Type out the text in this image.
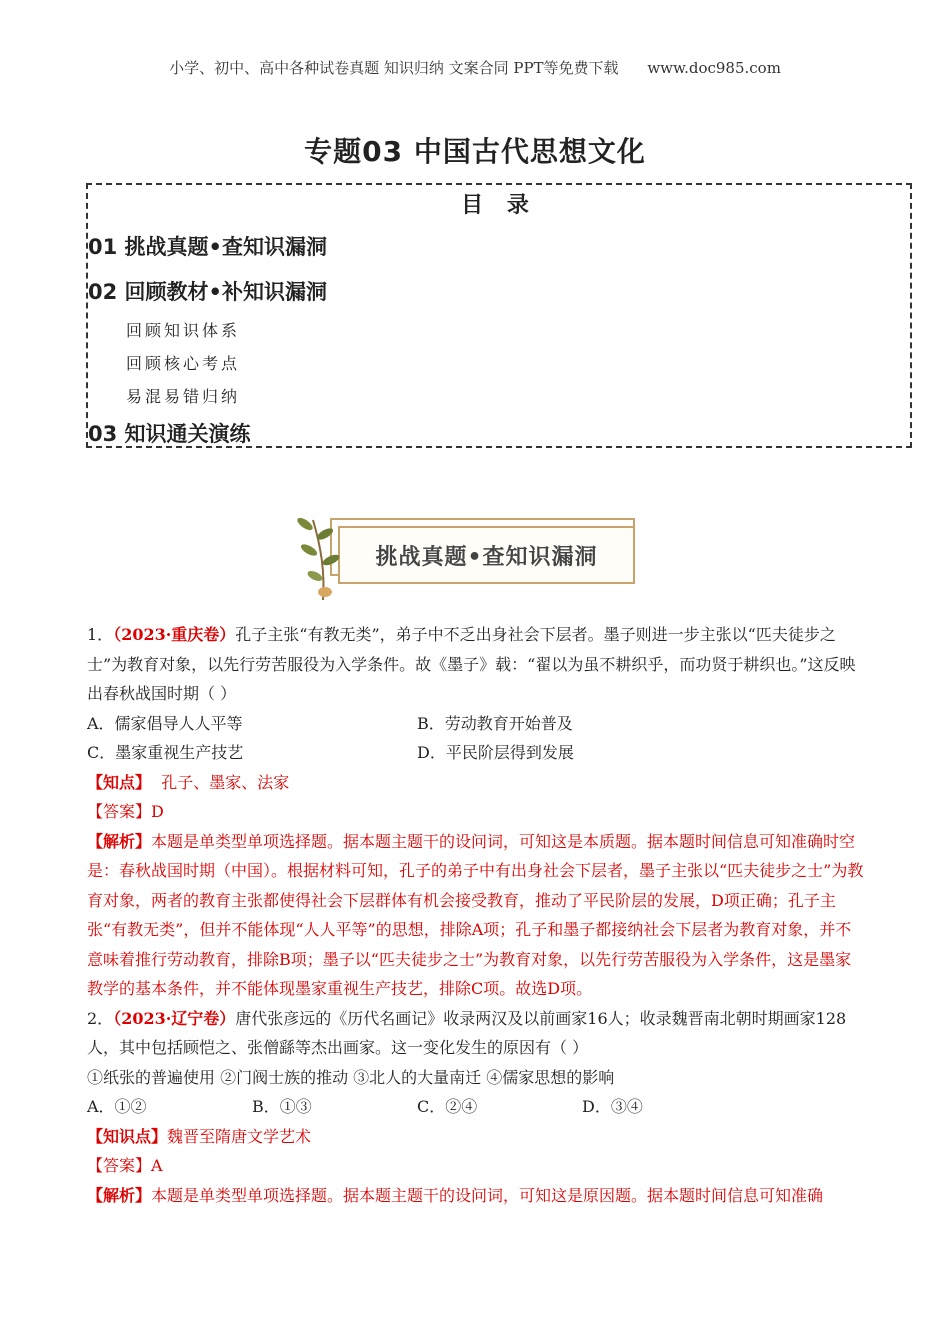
小学、初中、高中各种试卷真题 知识归纳 文案合同 PPT等免费下载 www.doc985.com
专题03 中国古代思想文化
目 录
01 挑战真题•查知识漏洞
02 回顾教材•补知识漏洞
回顾知识体系
回顾核心考点
易混易错归纳
03 知识通关演练
挑战真题•查知识漏洞

1．（2023·重庆卷）孔子主张“有教无类”，弟子中不乏出身社会下层者。墨子则进一步主张以“匹夫徒步之士”为教育对象，以先行劳苦服役为入学条件。故《墨子》载：“翟以为虽不耕织乎，而功贤于耕织也。”这反映出春秋战国时期（ ）

A．儒家倡导人人平等	B．劳动教育开始普及
C．墨家重视生产技艺	D．平民阶层得到发展

【知点】 孔子、墨家、法家

【答案】D

【解析】本题是单类型单项选择题。据本题主题干的设问词，可知这是本质题。据本题时间信息可知准确时空是：春秋战国时期（中国）。根据材料可知，孔子的弟子中有出身社会下层者，墨子主张以“匹夫徒步之士”为教育对象，两者的教育主张都使得社会下层群体有机会接受教育，推动了平民阶层的发展，D项正确；孔子主张“有教无类”，但并不能体现“人人平等”的思想，排除A项；孔子和墨子都接纳社会下层者为教育对象，并不意味着推行劳动教育，排除B项；墨子以“匹夫徒步之士”为教育对象，以先行劳苦服役为入学条件，这是墨家教学的基本条件，并不能体现墨家重视生产技艺，排除C项。故选D项。

2．（2023·辽宁卷）唐代张彦远的《历代名画记》收录两汉及以前画家16人；收录魏晋南北朝时期画家128人，其中包括顾恺之、张僧繇等杰出画家。这一变化发生的原因有（ ）

①纸张的普遍使用 ②门阀士族的推动 ③北人的大量南迁 ④儒家思想的影响

A．①②	B．①③	C．②④	D．③④

【知识点】魏晋至隋唐文学艺术

【答案】A

【解析】本题是单类型单项选择题。据本题主题干的设问词，可知这是原因题。据本题时间信息可知准确
